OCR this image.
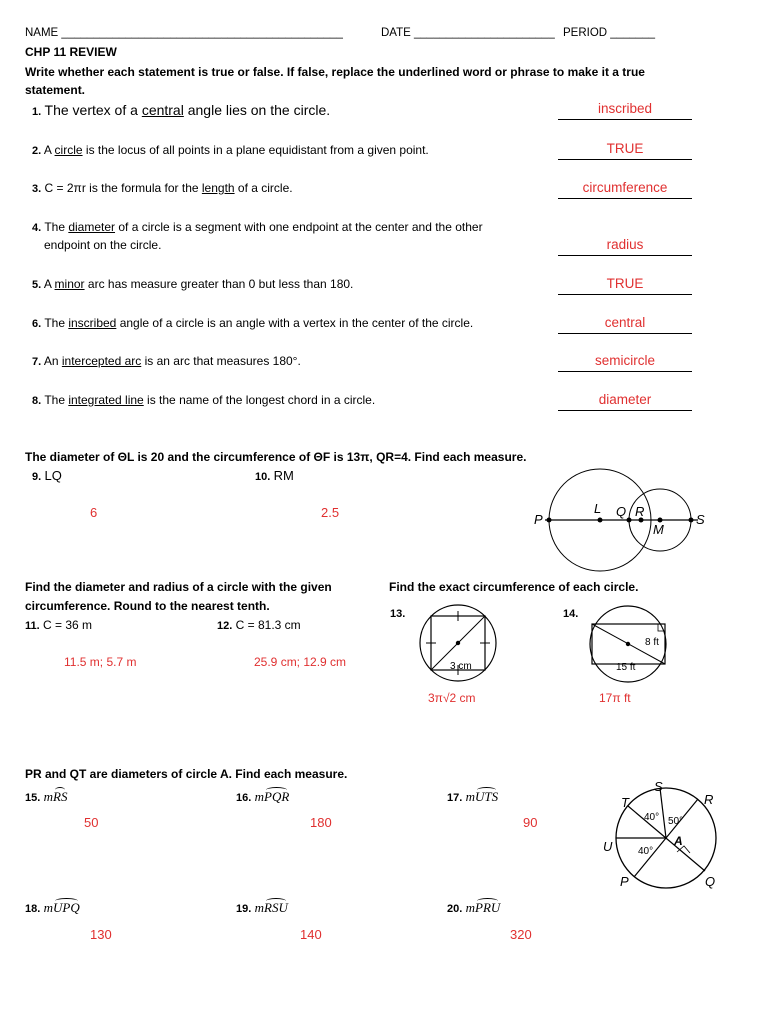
NAME ____________________________________________	DATE ______________________ PERIOD _______
CHP 11 REVIEW
Write whether each statement is true or false. If false, replace the underlined word or phrase to make it a true
statement.
1. The vertex of a central angle lies on the circle.	inscribed
2. A circle is the locus of all points in a plane equidistant from a given point.	TRUE
3. C = 2πr is the formula for the length of a circle.	circumference
4. The diameter of a circle is a segment with one endpoint at the center and the other
endpoint on the circle.	radius
5. A minor arc has measure greater than 0 but less than 180.	TRUE
6. The inscribed angle of a circle is an angle with a vertex in the center of the circle.	central
7. An intercepted arc is an arc that measures 180°.	semicircle
8. The integrated line is the name of the longest chord in a circle.	diameter
The diameter of ΘL is 20 and the circumference of ΘF is 13π, QR=4. Find each measure.
9. LQ	10. RM
6	2.5	P
L Q R
M
S
Find the diameter and radius of a circle with the given
circumference. Round to the nearest tenth.
11. C = 36 m	12. C = 81.3 cm
11.5 m; 5.7 m	25.9 cm; 12.9 cm
Find the exact circumference of each circle.
13.	14.
3 cm
3π√2 cm
8 ft
15 ft
17π ft
PR and QT are diameters of circle A. Find each measure.
15. mRS	16. mPQR	17. mUTS
50	180	90
18. mUPQ	19. mRSU	20. mPRU
130	140	320
S
T	R
U	A
P	Q
40° 50°
40°
